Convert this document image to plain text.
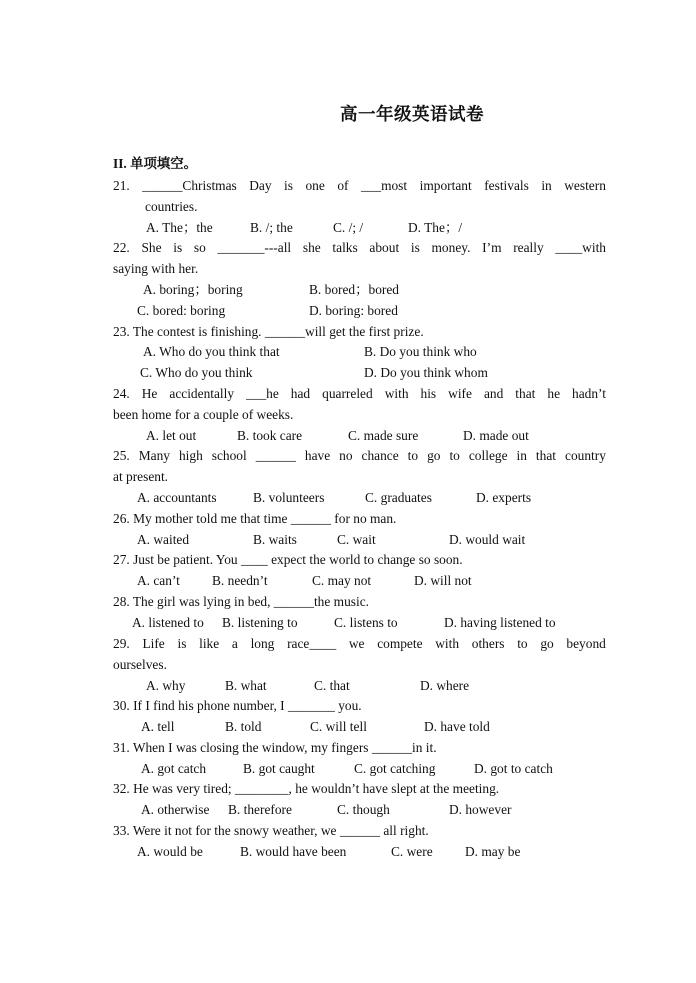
高一年级英语试卷
II. 单项填空。
21. ______Christmas Day is one of ___most important festivals in western
countries.
A. The；the	B. /; the	C. /; /	D. The；/
22. She is so _______---all she talks about is money. I’m really ____with
saying with her.
A. boring；boring	B. bored；bored
C. bored: boring	D. boring: bored
23. The contest is finishing. ______will get the first prize.
A. Who do you think that	B. Do you think who
C. Who do you think	D. Do you think whom
24. He accidentally ___he had quarreled with his wife and that he hadn’t
been home for a couple of weeks.
A. let out	B. took care	C. made sure	D. made out
25. Many high school ______ have no chance to go to college in that country
at present.
A. accountants	B. volunteers	C. graduates	D. experts
26. My mother told me that time ______ for no man.
A. waited	B. waits	C. wait	D. would wait
27. Just be patient. You ____ expect the world to change so soon.
A. can’t B. needn’t	C. may not	D. will not
28. The girl was lying in bed, ______the music.
A. listened to B. listening to	C. listens to	D. having listened to
29. Life is like a long race____ we compete with others to go beyond
ourselves.
A. why	B. what	C. that	D. where
30. If I find his phone number, I _______ you.
A. tell	B. told	C. will tell	D. have told
31. When I was closing the window, my fingers ______in it.
A. got catch	B. got caught	C. got catching	D. got to catch
32. He was very tired; ________, he wouldn’t have slept at the meeting.
A. otherwise B. therefore	C. though	D. however
33. Were it not for the snowy weather, we ______ all right.
A. would be	B. would have been	C. were D. may be
